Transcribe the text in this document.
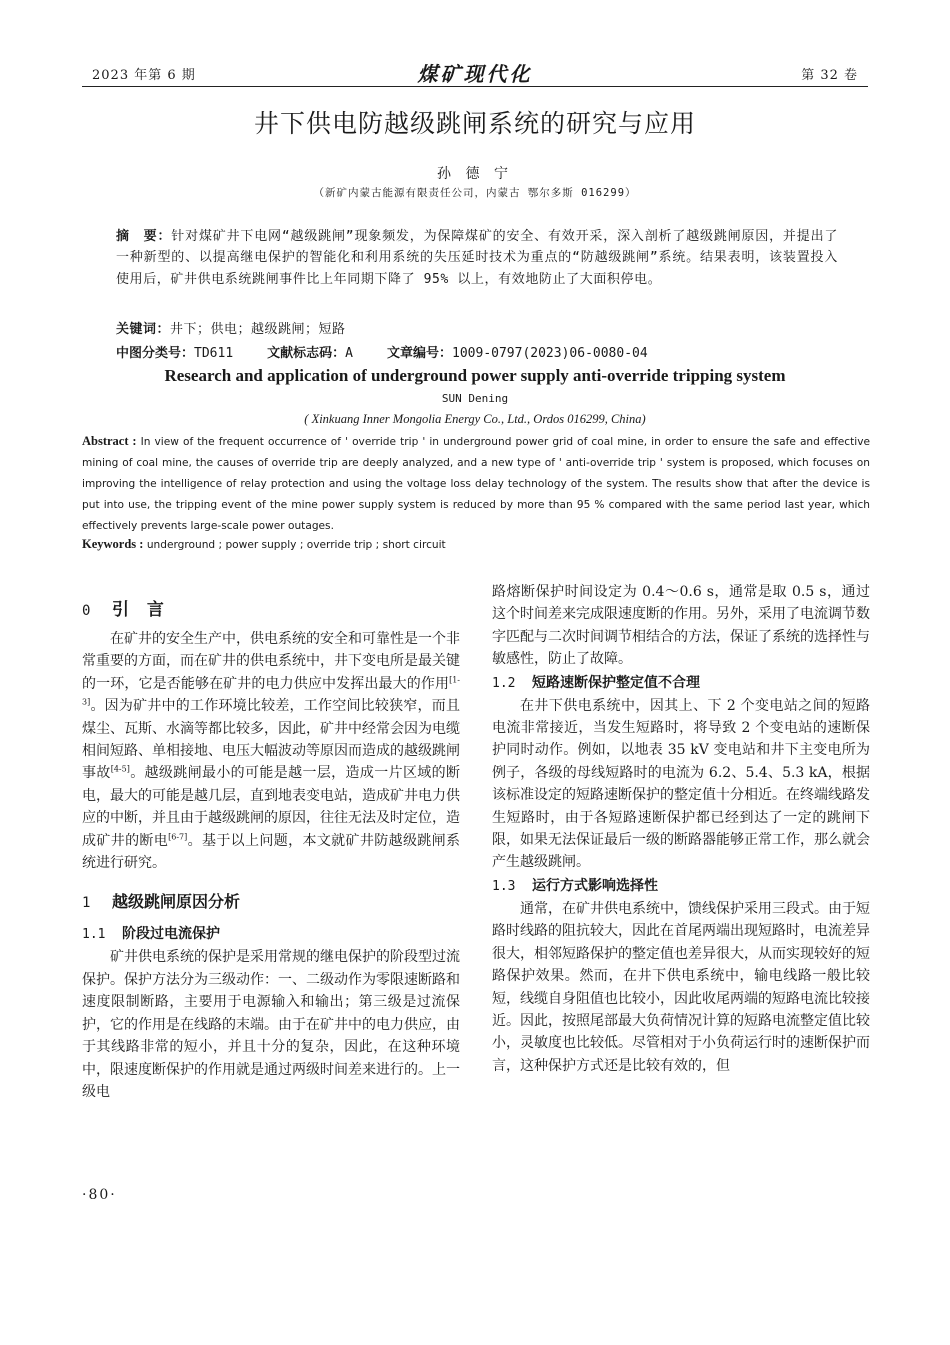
2023 年第 6 期	煤矿现代化	第 32 卷
井下供电防越级跳闸系统的研究与应用
孙 德 宁
（新矿内蒙古能源有限责任公司，内蒙古 鄂尔多斯 016299）
摘　要：针对煤矿井下电网“越级跳闸”现象频发，为保障煤矿的安全、有效开采，深入剖析了越级跳闸原因，并提出了一种新型的、以提高继电保护的智能化和利用系统的失压延时技术为重点的“防越级跳闸”系统。结果表明，该装置投入使用后，矿井供电系统跳闸事件比上年同期下降了 95% 以上，有效地防止了大面积停电。
关键词：井下；供电；越级跳闸；短路
中图分类号：TD611	文献标志码：A	文章编号：1009-0797(2023)06-0080-04
Research and application of underground power supply anti-override tripping system
SUN Dening
( Xinkuang Inner Mongolia Energy Co., Ltd., Ordos 016299, China)
Abstract : In view of the frequent occurrence of ' override trip ' in underground power grid of coal mine, in order to ensure the safe and effective mining of coal mine, the causes of override trip are deeply analyzed, and a new type of ' anti-override trip ' system is proposed, which focuses on improving the intelligence of relay protection and using the voltage loss delay technology of the system. The results show that after the device is put into use, the tripping event of the mine power supply system is reduced by more than 95 % compared with the same period last year, which effectively prevents large-scale power outages.
Keywords : underground ; power supply ; override trip ; short circuit
0 引 言

在矿井的安全生产中，供电系统的安全和可靠性是一个非常重要的方面，而在矿井的供电系统中，井下变电所是最关键的一环，它是否能够在矿井的电力供应中发挥出最大的作用[1-3]。因为矿井中的工作环境比较差，工作空间比较狭窄，而且煤尘、瓦斯、水滴等都比较多，因此，矿井中经常会因为电缆相间短路、单相接地、电压大幅波动等原因而造成的越级跳闸事故[4-5]。越级跳闸最小的可能是越一层，造成一片区域的断电，最大的可能是越几层，直到地表变电站，造成矿井电力供应的中断，并且由于越级跳闸的原因，往往无法及时定位，造成矿井的断电[6-7]。基于以上问题，本文就矿井防越级跳闸系统进行研究。

1 越级跳闸原因分析
1.1 阶段过电流保护

矿井供电系统的保护是采用常规的继电保护的阶段型过流保护。保护方法分为三级动作：一、二级动作为零限速断路和速度限制断路，主要用于电源输入和输出；第三级是过流保护，它的作用是在线路的末端。由于在矿井中的电力供应，由于其线路非常的短小，并且十分的复杂，因此，在这种环境中，限速度断保护的作用就是通过两级时间差来进行的。上一级电

路熔断保护时间设定为 0.4～0.6 s，通常是取 0.5 s，通过这个时间差来完成限速度断的作用。另外，采用了电流调节数字匹配与二次时间调节相结合的方法，保证了系统的选择性与敏感性，防止了故障。

1.2 短路速断保护整定值不合理

在井下供电系统中，因其上、下 2 个变电站之间的短路电流非常接近，当发生短路时，将导致 2 个变电站的速断保护同时动作。例如，以地表 35 kV 变电站和井下主变电所为例子，各级的母线短路时的电流为 6.2、5.4、5.3 kA，根据该标准设定的短路速断保护的整定值十分相近。在终端线路发生短路时，由于各短路速断保护都已经到达了一定的跳闸下限，如果无法保证最后一级的断路器能够正常工作，那么就会产生越级跳闸。

1.3 运行方式影响选择性

通常，在矿井供电系统中，馈线保护采用三段式。由于短路时线路的阻抗较大，因此在首尾两端出现短路时，电流差异很大，相邻短路保护的整定值也差异很大，从而实现较好的短路保护效果。然而，在井下供电系统中，输电线路一般比较短，线缆自身阻值也比较小，因此收尾两端的短路电流比较接近。因此，按照尾部最大负荷情况计算的短路电流整定值比较小，灵敏度也比较低。尽管相对于小负荷运行时的速断保护而言，这种保护方式还是比较有效的，但

·80·
